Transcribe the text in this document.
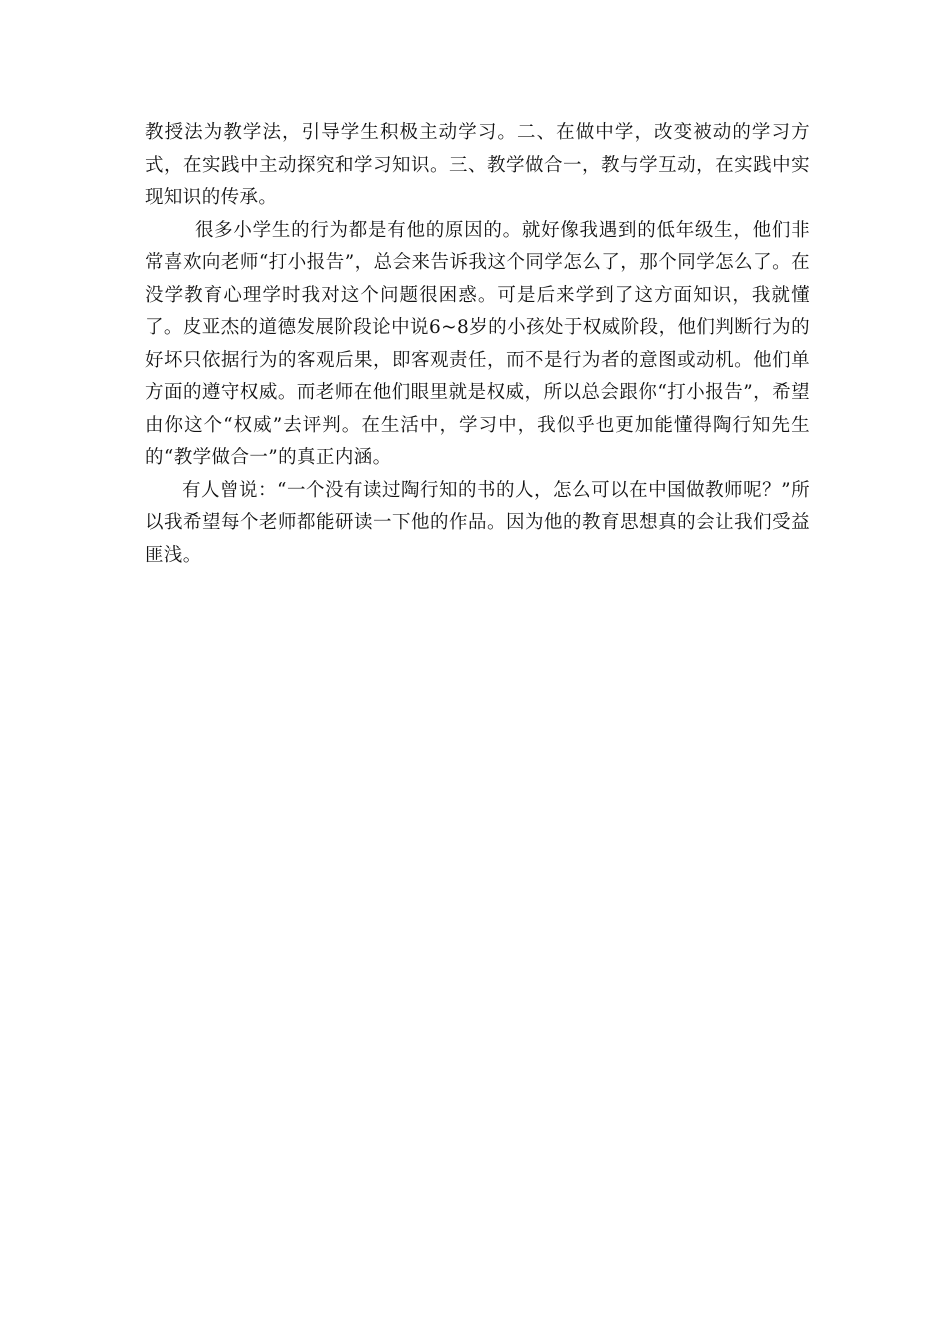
教授法为教学法，引导学生积极主动学习。二、在做中学，改变被动的学习方式，在实践中主动探究和学习知识。三、教学做合一，教与学互动，在实践中实现知识的传承。

很多小学生的行为都是有他的原因的。就好像我遇到的低年级生，他们非常喜欢向老师“打小报告”，总会来告诉我这个同学怎么了，那个同学怎么了。在没学教育心理学时我对这个问题很困惑。可是后来学到了这方面知识，我就懂了。皮亚杰的道德发展阶段论中说6~8岁的小孩处于权威阶段，他们判断行为的好坏只依据行为的客观后果，即客观责任，而不是行为者的意图或动机。他们单方面的遵守权威。而老师在他们眼里就是权威，所以总会跟你“打小报告”，希望由你这个“权威”去评判。在生活中，学习中，我似乎也更加能懂得陶行知先生的“教学做合一”的真正内涵。

有人曾说：“一个没有读过陶行知的书的人，怎么可以在中国做教师呢？”所以我希望每个老师都能研读一下他的作品。因为他的教育思想真的会让我们受益匪浅。
